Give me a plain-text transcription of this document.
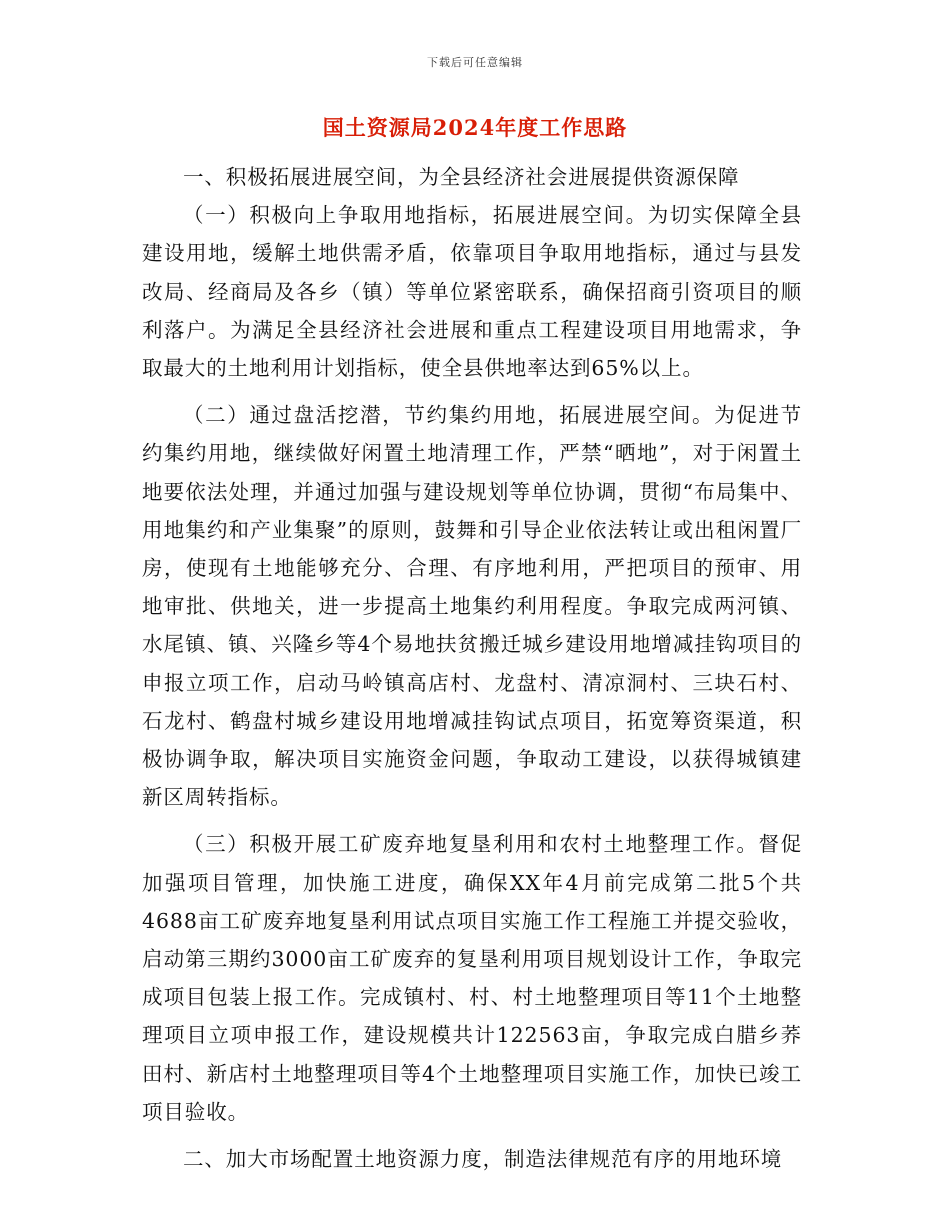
下载后可任意编辑
国土资源局2024年度工作思路

一、积极拓展进展空间，为全县经济社会进展提供资源保障

（一）积极向上争取用地指标，拓展进展空间。为切实保障全县建设用地，缓解土地供需矛盾，依靠项目争取用地指标，通过与县发改局、经商局及各乡（镇）等单位紧密联系，确保招商引资项目的顺利落户。为满足全县经济社会进展和重点工程建设项目用地需求，争取最大的土地利用计划指标，使全县供地率达到65%以上。

（二）通过盘活挖潜，节约集约用地，拓展进展空间。为促进节约集约用地，继续做好闲置土地清理工作，严禁“晒地”，对于闲置土地要依法处理，并通过加强与建设规划等单位协调，贯彻“布局集中、用地集约和产业集聚”的原则，鼓舞和引导企业依法转让或出租闲置厂房，使现有土地能够充分、合理、有序地利用，严把项目的预审、用地审批、供地关，进一步提高土地集约利用程度。争取完成两河镇、水尾镇、镇、兴隆乡等4个易地扶贫搬迁城乡建设用地增减挂钩项目的申报立项工作，启动马岭镇高店村、龙盘村、清凉洞村、三块石村、石龙村、鹤盘村城乡建设用地增减挂钩试点项目，拓宽筹资渠道，积极协调争取，解决项目实施资金问题，争取动工建设，以获得城镇建新区周转指标。

（三）积极开展工矿废弃地复垦利用和农村土地整理工作。督促加强项目管理，加快施工进度，确保XX年4月前完成第二批5个共4688亩工矿废弃地复垦利用试点项目实施工作工程施工并提交验收，启动第三期约3000亩工矿废弃的复垦利用项目规划设计工作，争取完成项目包装上报工作。完成镇村、村、村土地整理项目等11个土地整理项目立项申报工作，建设规模共计122563亩，争取完成白腊乡荞田村、新店村土地整理项目等4个土地整理项目实施工作，加快已竣工项目验收。

二、加大市场配置土地资源力度，制造法律规范有序的用地环境
